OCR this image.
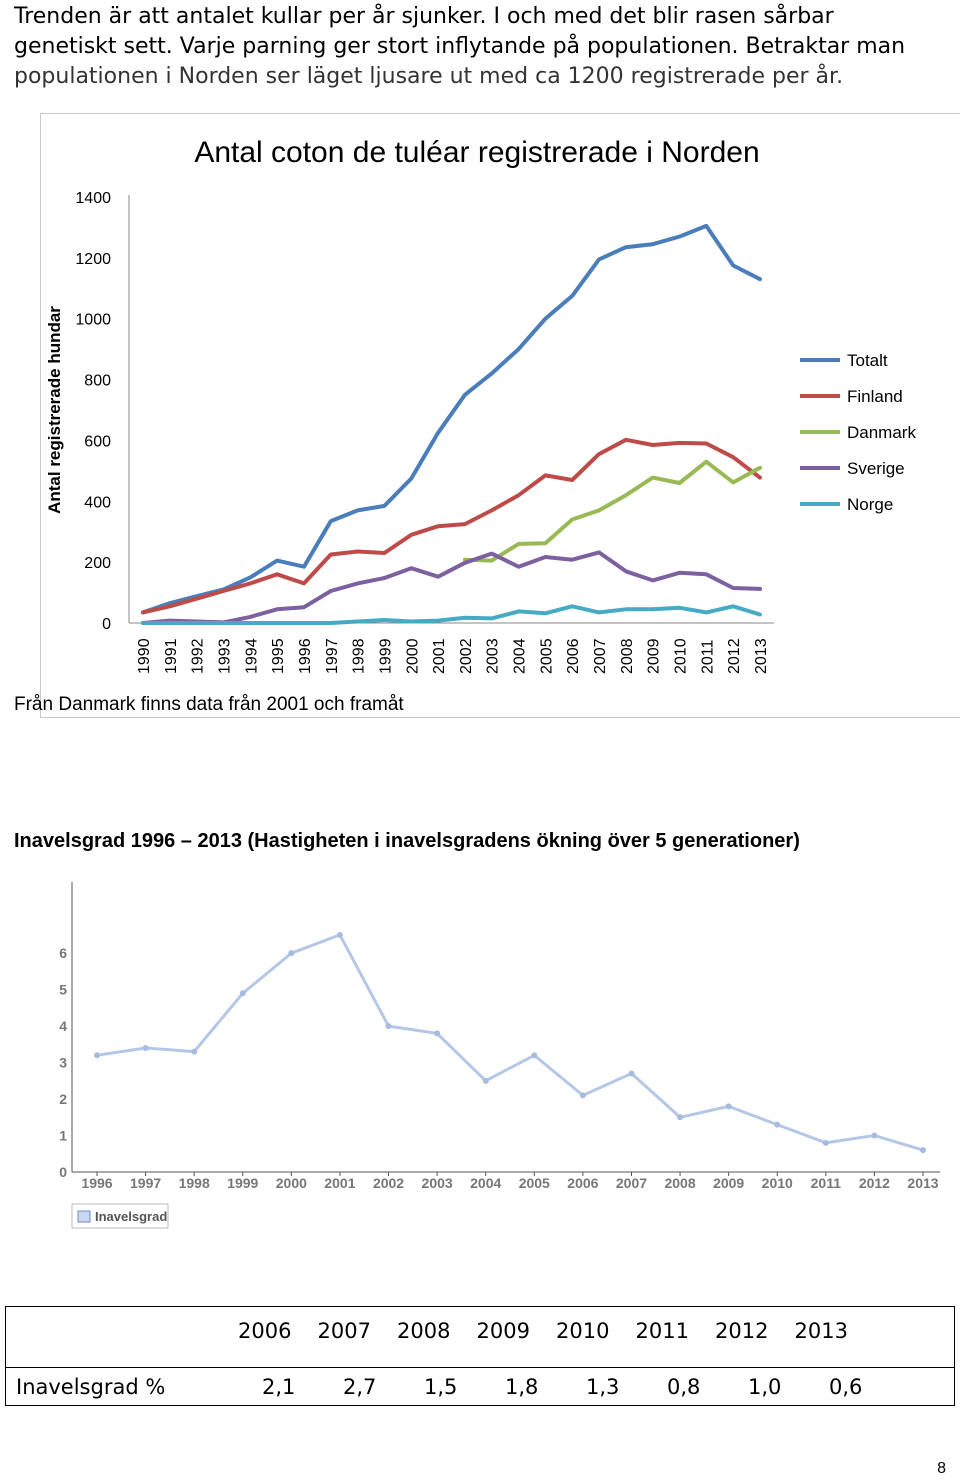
Trenden är att antalet kullar per år sjunker. I och med det blir rasen sårbar
genetiskt sett. Varje parning ger stort inflytande på populationen. Betraktar man
populationen i Norden ser läget ljusare ut med ca 1200 registrerade per år.
Antal coton de tuléar registrerade i Norden
1400
1200
1000
800
600
400
200
0
Antal registrerade hundar
1990 1991 1992 1993 1994 1995 1996 1997 1998 1999 2000 2001 2002 2003 2004 2005 2006 2007 2008 2009 2010 2011 2012 2013
Totalt
Finland
Danmark
Sverige
Norge
Från Danmark finns data från 2001 och framåt
Inavelsgrad 1996 – 2013 (Hastigheten i inavelsgradens ökning över 5 generationer)
0
1
2
3
4
5
6
1996 1997 1998 1999 2000 2001 2002 2003 2004 2005 2006 2007 2008 2009 2010 2011 2012 2013
Inavelsgrad
2006 2007 2008 2009 2010 2011 2012 2013
Inavelsgrad %	2,1 2,7 1,5 1,8 1,3 0,8 1,0 0,6
8
